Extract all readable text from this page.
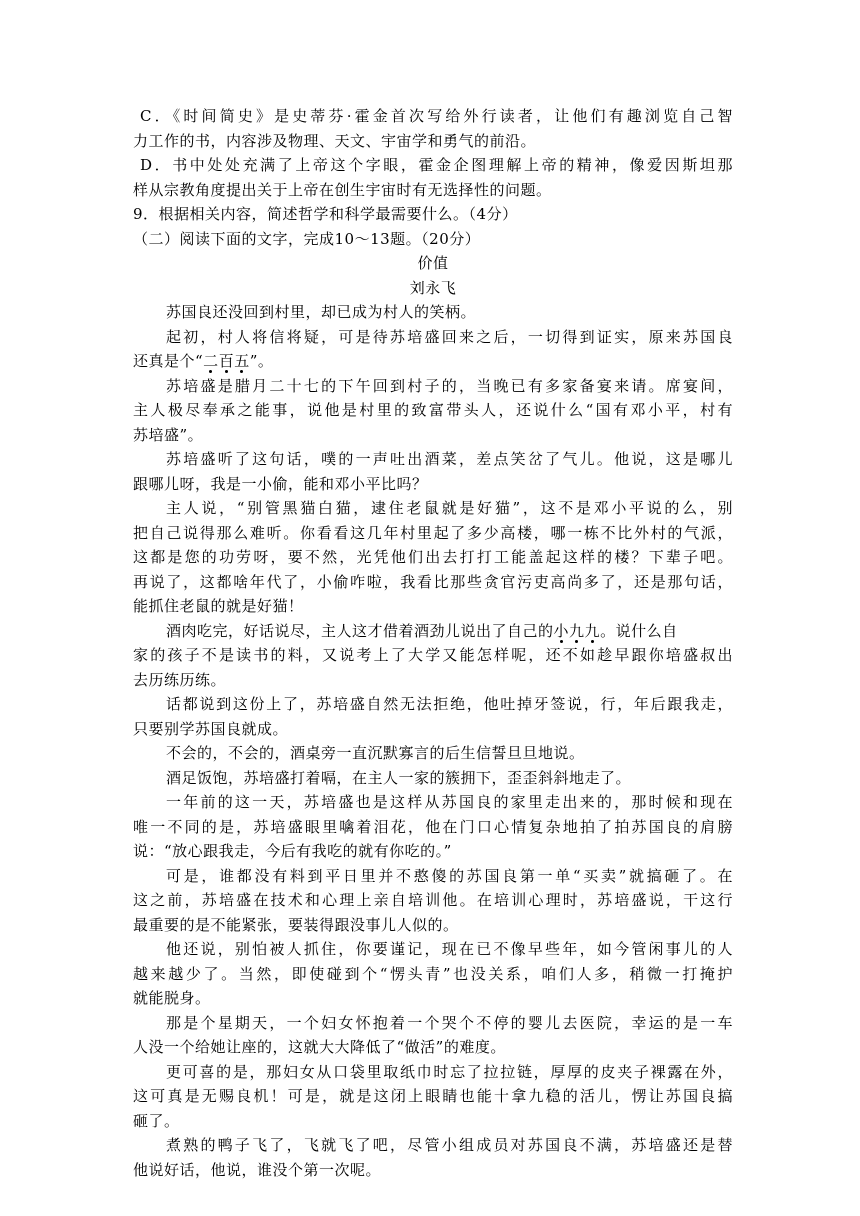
C．《时间简史》是史蒂芬·霍金首次写给外行读者，让他们有趣浏览自己智
力工作的书，内容涉及物理、天文、宇宙学和勇气的前沿。
D．书中处处充满了上帝这个字眼，霍金企图理解上帝的精神，像爱因斯坦那
样从宗教角度提出关于上帝在创生宇宙时有无选择性的问题。
9．根据相关内容，简述哲学和科学最需要什么。（4分）
（二）阅读下面的文字，完成10～13题。（20分）
价值
刘永飞
苏国良还没回到村里，却已成为村人的笑柄。
起初，村人将信将疑，可是待苏培盛回来之后，一切得到证实，原来苏国良
还真是个“二百五”。
苏培盛是腊月二十七的下午回到村子的，当晚已有多家备宴来请。席宴间，
主人极尽奉承之能事，说他是村里的致富带头人，还说什么“国有邓小平，村有
苏培盛”。
苏培盛听了这句话，噗的一声吐出酒菜，差点笑岔了气儿。他说，这是哪儿
跟哪儿呀，我是一小偷，能和邓小平比吗？
主人说，“别管黑猫白猫，逮住老鼠就是好猫”，这不是邓小平说的么，别
把自己说得那么难听。你看看这几年村里起了多少高楼，哪一栋不比外村的气派，
这都是您的功劳呀，要不然，光凭他们出去打打工能盖起这样的楼？下辈子吧。
再说了，这都啥年代了，小偷咋啦，我看比那些贪官污吏高尚多了，还是那句话，
能抓住老鼠的就是好猫！
酒肉吃完，好话说尽，主人这才借着酒劲儿说出了自己的小九九。说什么自
家的孩子不是读书的料，又说考上了大学又能怎样呢，还不如趁早跟你培盛叔出
去历练历练。
话都说到这份上了，苏培盛自然无法拒绝，他吐掉牙签说，行，年后跟我走，
只要别学苏国良就成。
不会的，不会的，酒桌旁一直沉默寡言的后生信誓旦旦地说。
酒足饭饱，苏培盛打着嗝，在主人一家的簇拥下，歪歪斜斜地走了。
一年前的这一天，苏培盛也是这样从苏国良的家里走出来的，那时候和现在
唯一不同的是，苏培盛眼里噙着泪花，他在门口心情复杂地拍了拍苏国良的肩膀
说：“放心跟我走，今后有我吃的就有你吃的。”
可是，谁都没有料到平日里并不憨傻的苏国良第一单“买卖”就搞砸了。在
这之前，苏培盛在技术和心理上亲自培训他。在培训心理时，苏培盛说，干这行
最重要的是不能紧张，要装得跟没事儿人似的。
他还说，别怕被人抓住，你要谨记，现在已不像早些年，如今管闲事儿的人
越来越少了。当然，即使碰到个“愣头青”也没关系，咱们人多，稍微一打掩护
就能脱身。
那是个星期天，一个妇女怀抱着一个哭个不停的婴儿去医院，幸运的是一车
人没一个给她让座的，这就大大降低了“做活”的难度。
更可喜的是，那妇女从口袋里取纸巾时忘了拉拉链，厚厚的皮夹子裸露在外，
这可真是无赐良机！可是，就是这闭上眼睛也能十拿九稳的活儿，愣让苏国良搞
砸了。
煮熟的鸭子飞了，飞就飞了吧，尽管小组成员对苏国良不满，苏培盛还是替
他说好话，他说，谁没个第一次呢。
